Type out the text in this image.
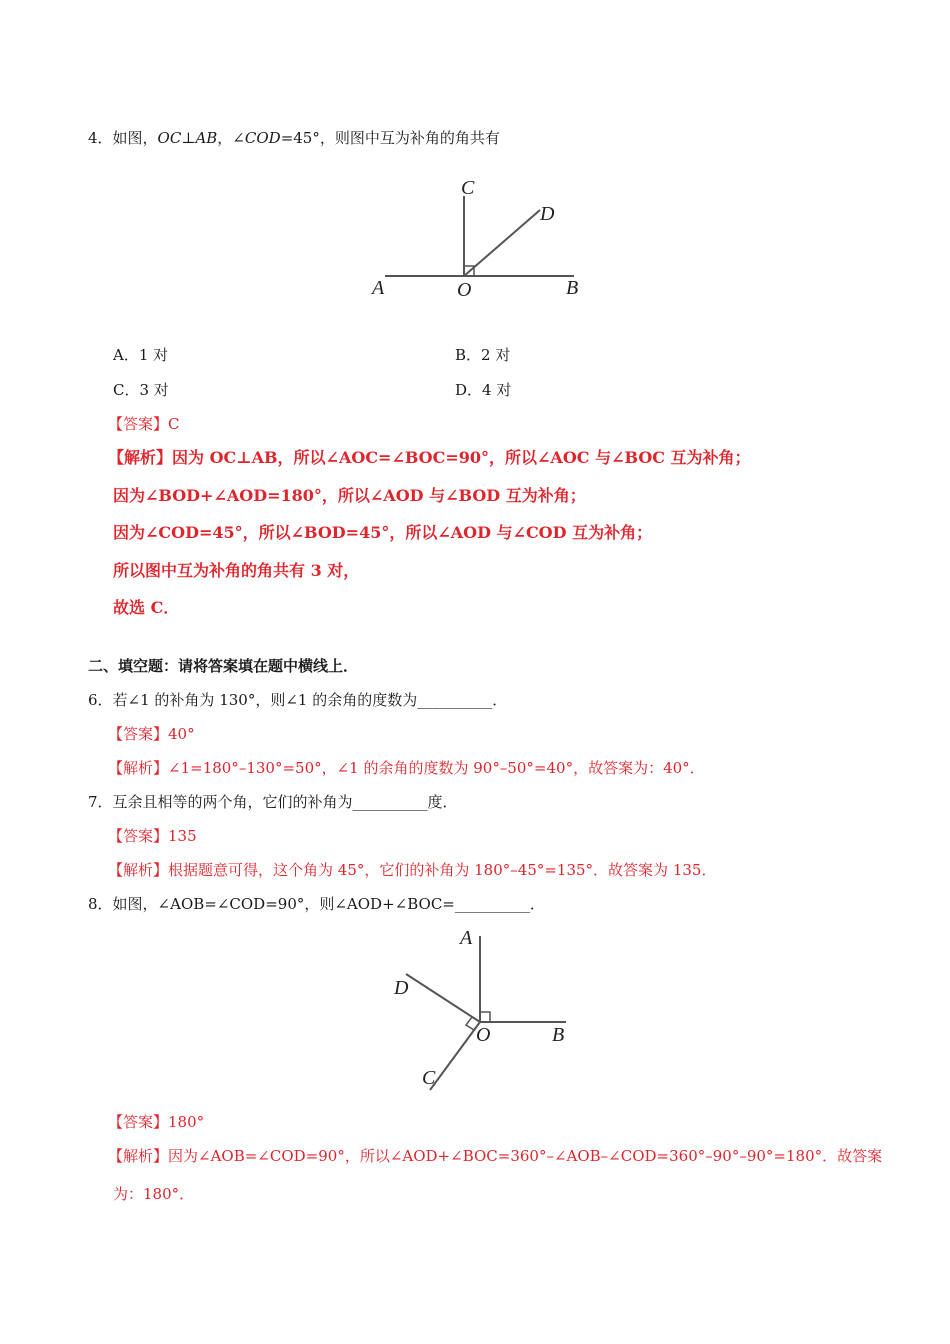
4．如图，OC⊥AB，∠COD=45°，则图中互为补角的角共有
A	O	B
C
D
A．1 对	B．2 对
C．3 对	D．4 对
【答案】C
【解析】因为 OC⊥AB，所以∠AOC=∠BOC=90°，所以∠AOC 与∠BOC 互为补角；
因为∠BOD+∠AOD=180°，所以∠AOD 与∠BOD 互为补角；
因为∠COD=45°，所以∠BOD=45°，所以∠AOD 与∠COD 互为补角；
所以图中互为补角的角共有 3 对，
故选 C．
二、填空题：请将答案填在题中横线上．
6．若∠1 的补角为 130°，则∠1 的余角的度数为__________．
【答案】40°
【解析】∠1=180°–130°=50°，∠1 的余角的度数为 90°–50°=40°，故答案为：40°．
7．互余且相等的两个角，它们的补角为__________度．
【答案】135
【解析】根据题意可得，这个角为 45°，它们的补角为 180°–45°=135°．故答案为 135．
8．如图，∠AOB=∠COD=90°，则∠AOD+∠BOC=__________．
A
D
O	B
C
【答案】180°
【解析】因为∠AOB=∠COD=90°，所以∠AOD+∠BOC=360°–∠AOB–∠COD=360°–90°–90°=180°．故答案
为：180°．
